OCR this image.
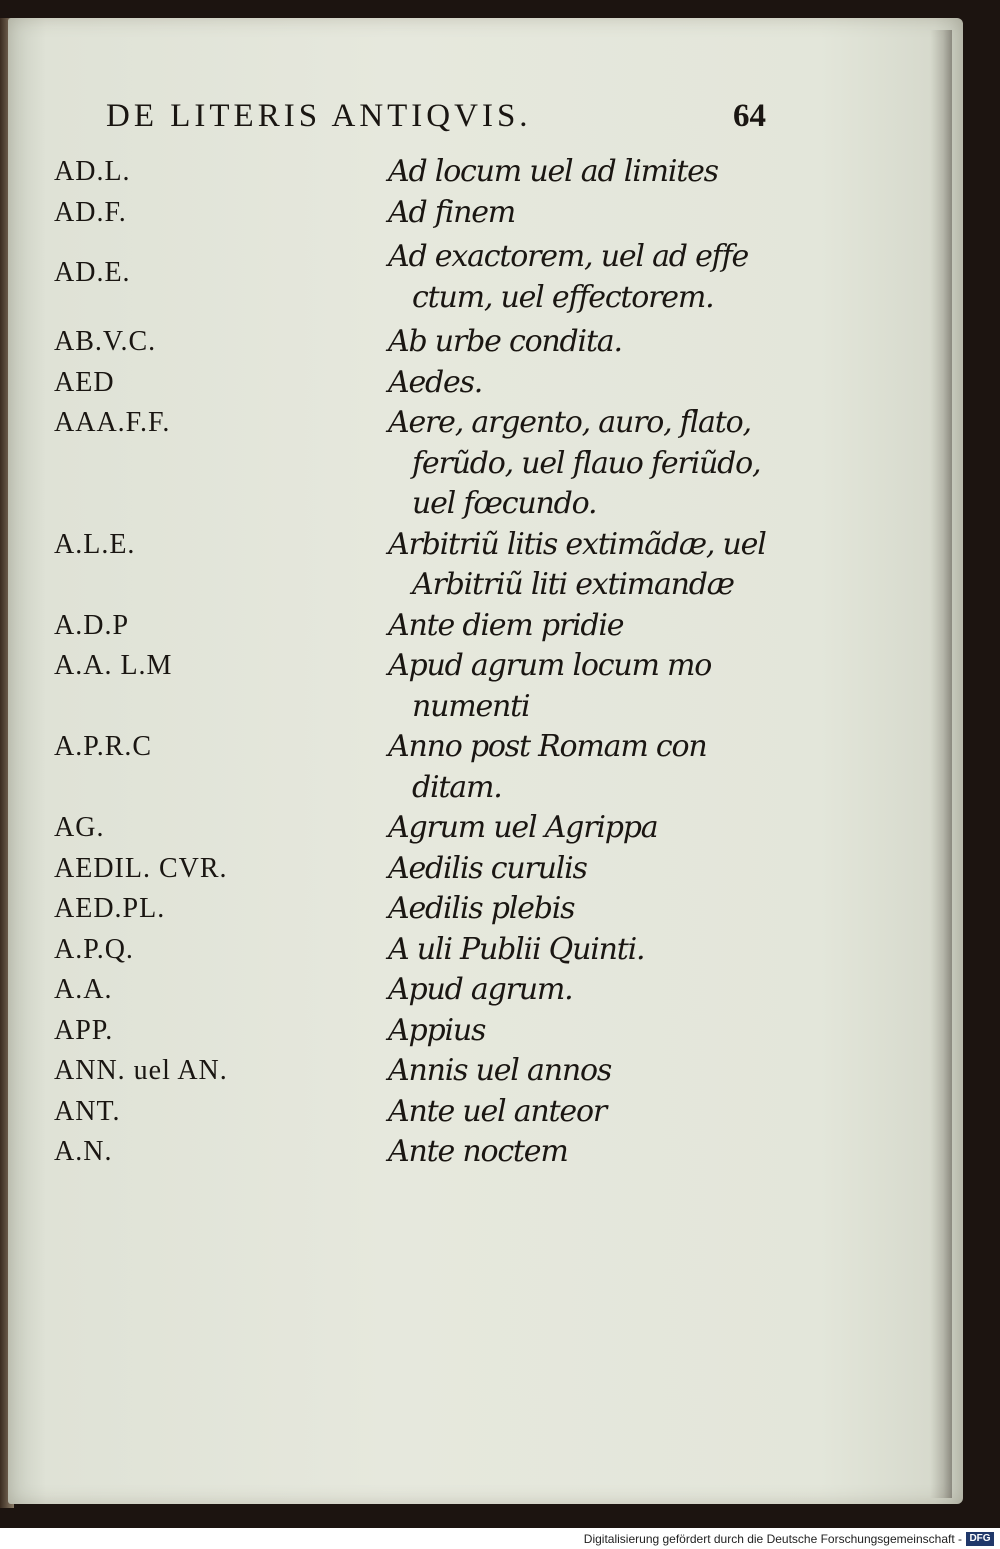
DE LITERIS ANTIQVIS.	64
AD.L.	Ad locum uel ad limites
AD.F.	Ad finem
AD.E.	Ad exactorem, uel ad effe
ctum, uel effectorem.
AB.V.C.	Ab urbe condita.
AED	Aedes.
AAA.F.F.	Aere, argento, auro, flato,
ferũdo, uel flauo feriũdo,
uel fœcundo.
A.L.E.	Arbitriũ litis extimãdæ, uel
Arbitriũ liti extimandæ
A.D.P	Ante diem pridie
A.A. L.M	Apud agrum locum mo
numenti
A.P.R.C	Anno post Romam con
ditam.
AG.	Agrum uel Agrippa
AEDIL. CVR.	Aedilis curulis
AED.PL.	Aedilis plebis
A.P.Q.	A uli Publii Quinti.
A.A.	Apud agrum.
APP.	Appius
ANN. uel AN.	Annis uel annos
ANT.	Ante uel anteor
A.N.	Ante noctem
Digitalisierung gefördert durch die Deutsche Forschungsgemeinschaft - DFG
